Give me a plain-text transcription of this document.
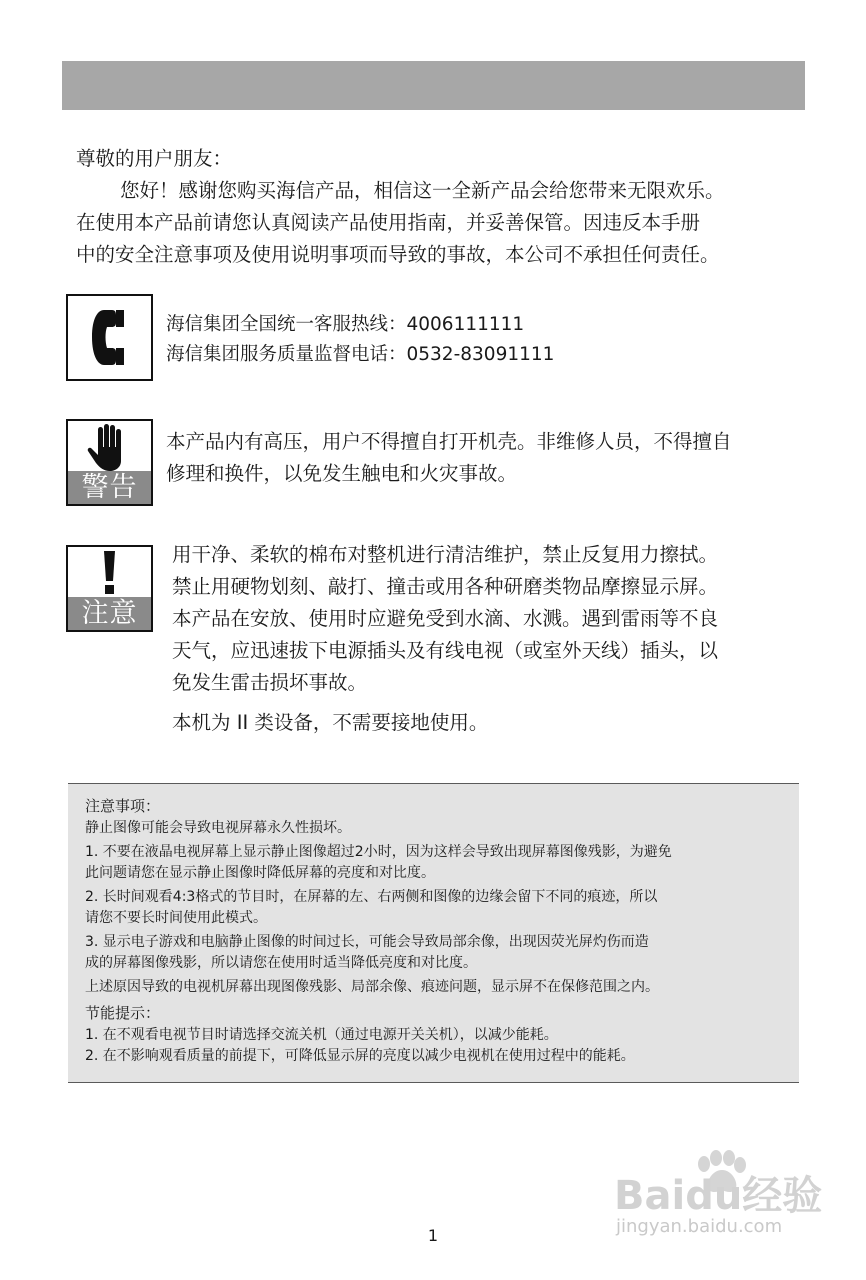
尊敬的用户朋友：

您好！感谢您购买海信产品，相信这一全新产品会给您带来无限欢乐。

在使用本产品前请您认真阅读产品使用指南，并妥善保管。因违反本手册

中的安全注意事项及使用说明事项而导致的事故，本公司不承担任何责任。

海信集团全国统一客服热线：4006111111
海信集团服务质量监督电话：0532-83091111
警告
本产品内有高压，用户不得擅自打开机壳。非维修人员，不得擅自
修理和换件，以免发生触电和火灾事故。
注意

用干净、柔软的棉布对整机进行清洁维护，禁止反复用力擦拭。

禁止用硬物划刻、敲打、撞击或用各种研磨类物品摩擦显示屏。

本产品在安放、使用时应避免受到水滴、水溅。遇到雷雨等不良

天气，应迅速拔下电源插头及有线电视（或室外天线）插头，以

免发生雷击损坏事故。

本机为 II 类设备，不需要接地使用。

注意事项：

静止图像可能会导致电视屏幕永久性损坏。

1. 不要在液晶电视屏幕上显示静止图像超过2小时，因为这样会导致出现屏幕图像残影，为避免

此问题请您在显示静止图像时降低屏幕的亮度和对比度。

2. 长时间观看4:3格式的节目时，在屏幕的左、右两侧和图像的边缘会留下不同的痕迹，所以

请您不要长时间使用此模式。

3. 显示电子游戏和电脑静止图像的时间过长，可能会导致局部余像，出现因荧光屏灼伤而造

成的屏幕图像残影，所以请您在使用时适当降低亮度和对比度。

上述原因导致的电视机屏幕出现图像残影、局部余像、痕迹问题，显示屏不在保修范围之内。

节能提示：

1. 在不观看电视节目时请选择交流关机（通过电源开关关机），以减少能耗。

2. 在不影响观看质量的前提下，可降低显示屏的亮度以减少电视机在使用过程中的能耗。

Baidu经验
jingyan.baidu.com
1
